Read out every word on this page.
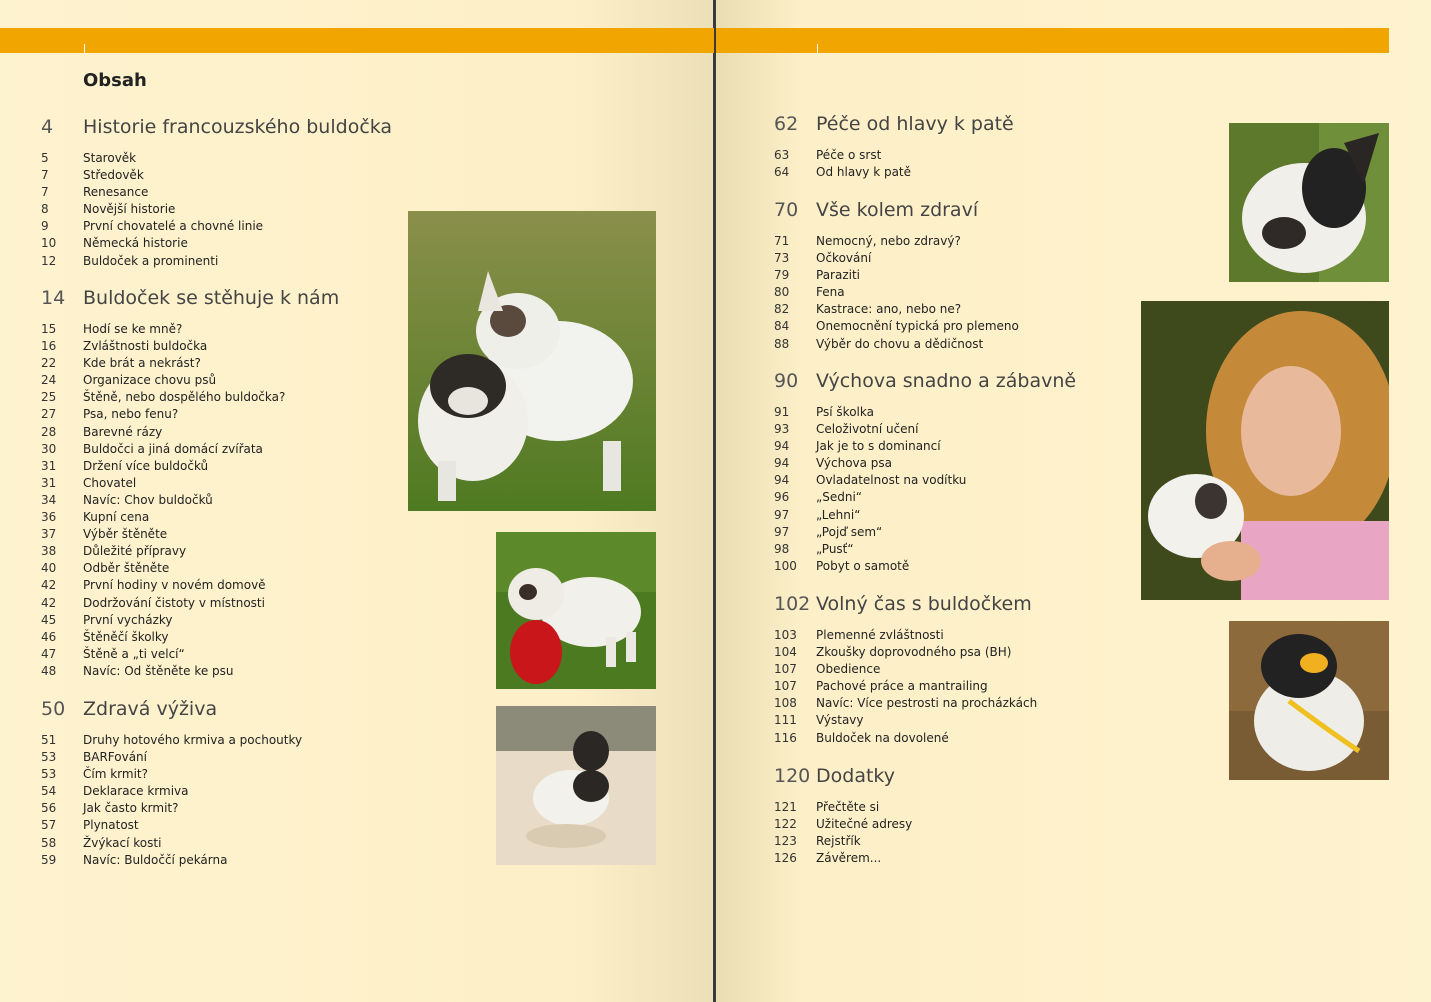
Obsah
4 Historie francouzského buldočka
5	Starověk
7	Středověk
7	Renesance
8	Novější historie
9	První chovatelé a chovné linie
10 Německá historie
12 Buldoček a prominenti
14 Buldoček se stěhuje k nám
15 Hodí se ke mně?
16 Zvláštnosti buldočka
22 Kde brát a nekrást?
24 Organizace chovu psů
25 Štěně, nebo dospělého buldočka?
27 Psa, nebo fenu?
28 Barevné rázy
30 Buldočci a jiná domácí zvířata
31 Držení více buldočků
31 Chovatel
34 Navíc: Chov buldočků
36 Kupní cena
37 Výběr štěněte
38 Důležité přípravy
40 Odběr štěněte
42 První hodiny v novém domově
42 Dodržování čistoty v místnosti
45 První vycházky
46 Štěněčí školky
47 Štěně a „ti velcí“
48 Navíc: Od štěněte ke psu
50 Zdravá výživa
51 Druhy hotového krmiva a pochoutky
53 BARFování
53 Čím krmit?
54 Deklarace krmiva
56 Jak často krmit?
57 Plynatost
58 Žvýkací kosti
59 Navíc: Buldoččí pekárna
62 Péče od hlavy k patě
63 Péče o srst
64 Od hlavy k patě
70 Vše kolem zdraví
71 Nemocný, nebo zdravý?
73 Očkování
79 Paraziti
80 Fena
82 Kastrace: ano, nebo ne?
84 Onemocnění typická pro plemeno
88 Výběr do chovu a dědičnost
90 Výchova snadno a zábavně
91 Psí školka
93 Celoživotní učení
94 Jak je to s dominancí
94 Výchova psa
94 Ovladatelnost na vodítku
96 „Sedni“
97 „Lehni“
97 „Pojď sem“
98 „Pusť“
100 Pobyt o samotě
102 Volný čas s buldočkem
103 Plemenné zvláštnosti
104 Zkoušky doprovodného psa (BH)
107 Obedience
107 Pachové práce a mantrailing
108 Navíc: Více pestrosti na procházkách
111 Výstavy
116 Buldoček na dovolené
120 Dodatky
121 Přečtěte si
122 Užitečné adresy
123 Rejstřík
126 Závěrem...
